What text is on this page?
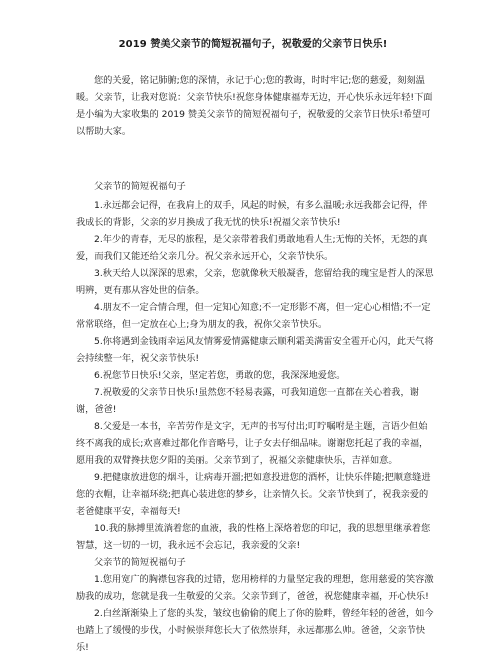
2019 赞美父亲节的简短祝福句子，祝敬爱的父亲节日快乐!

您的关爱，铭记肺腑;您的深情，永记于心;您的教诲，时时牢记;您的慈爱，刻刻温暖。父亲节，让我对您说：父亲节快乐!祝您身体健康福寿无边，开心快乐永远年轻!下面是小编为大家收集的 2019 赞美父亲节的简短祝福句子，祝敬爱的父亲节日快乐!希望可以帮助大家。

父亲节的简短祝福句子

1.永远都会记得，在我肩上的双手，风起的时候，有多么温暖;永远我都会记得，伴我成长的背影，父亲的岁月换成了我无忧的快乐!祝福父亲节快乐!

2.年少的青春，无尽的旅程，是父亲带着我们勇敢地看人生;无悔的关怀，无怨的真爱，而我们又能还给父亲几分。祝父亲永远开心，父亲节快乐。

3.秋天给人以深深的思索，父亲，您就像秋天般凝香，您留给我的瑰宝是哲人的深思明辨，更有那从容处世的信条。

4.朋友不一定合情合理，但一定知心知意;不一定形影不离，但一定心心相惜;不一定常常联络，但一定放在心上;身为朋友的我，祝你父亲节快乐。

5.你将遇到金钱雨幸运风友情雾爱情露健康云顺利霜美满雷安全雹开心闪，此天气将会持续整一年，祝父亲节快乐!

6.祝您节日快乐!父亲，坚定若您，勇敢的您，我深深地爱您。

7.祝敬爱的父亲节日快乐!虽然您不轻易表露，可我知道您一直都在关心着我，谢谢，爸爸!

8.父爱是一本书，辛苦劳作是文字，无声的书写付出;叮咛嘱咐是主题，言语少但始终不离我的成长;欢喜难过都化作音略号，让子女去仔细品味。谢谢您托起了我的幸福，愿用我的双臂搀扶您夕阳的美丽。父亲节到了，祝福父亲健康快乐，吉祥如意。

9.把健康放进您的烟斗，让病毒开溜;把如意投进您的酒杯，让快乐伴随;把顺意缝进您的衣帽，让幸福环绕;把真心装进您的梦乡，让亲情久长。父亲节快到了，祝我亲爱的老爸健康平安，幸福每天!

10.我的脉搏里流淌着您的血液，我的性格上深烙着您的印记，我的思想里继承着您智慧，这一切的一切，我永远不会忘记，我亲爱的父亲!

父亲节的简短祝福句子

1.您用宽广的胸襟包容我的过错，您用榜样的力量坚定我的理想，您用慈爱的笑容激励我的成功，您就是我一生敬爱的父亲。父亲节到了，爸爸，祝您健康幸福，开心快乐!

2.白丝渐渐染上了您的头发，皱纹也偷偷的爬上了你的脸畔，曾经年轻的爸爸，如今也踏上了缓慢的步伐，小时候崇拜您长大了依然崇拜，永远都那么帅。爸爸，父亲节快乐!
